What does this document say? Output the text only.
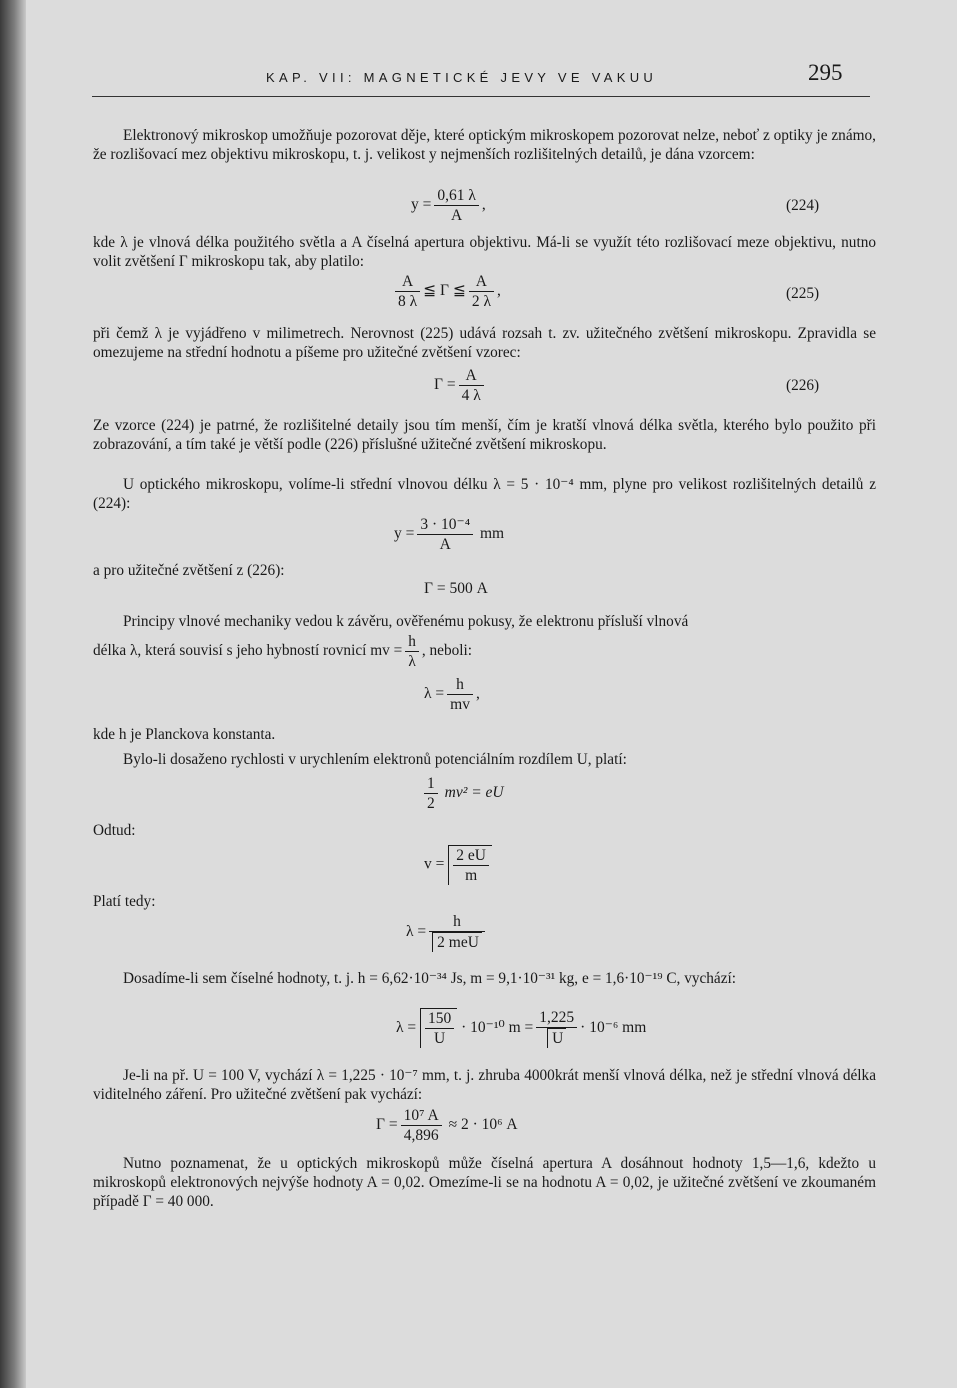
KAP. VII: MAGNETICKÉ JEVY VE VAKUU	295

Elektronový mikroskop umožňuje pozorovat děje, které optickým mikroskopem pozorovat nelze, neboť z optiky je známo, že rozlišovací mez objektivu mikroskopu, t. j. velikost y nejmenších rozlišitelných detailů, je dána vzorcem:

$y = \frac{0,61 \lambda}{A}$ ,	(224)

kde λ je vlnová délka použitého světla a A číselná apertura objektivu. Má-li se využít této rozlišovací meze objektivu, nutno volit zvětšení Γ mikroskopu tak, aby platilo:

$\frac{A}{8 \lambda}$ ≦ Γ ≦ $\frac{A}{2 \lambda}$ ,	(225)

při čemž λ je vyjádřeno v milimetrech. Nerovnost (225) udává rozsah t. zv. užitečného zvětšení mikroskopu. Zpravidla se omezujeme na střední hodnotu a píšeme pro užitečné zvětšení vzorec:

$\Gamma = \frac{A}{4 \lambda}$	(226)

Ze vzorce (224) je patrné, že rozlišitelné detaily jsou tím menší, čím je kratší vlnová délka světla, kterého bylo použito při zobrazování, a tím také je větší podle (226) příslušné užitečné zvětšení mikroskopu.

U optického mikroskopu, volíme-li střední vlnovou délku λ = 5 · 10⁻⁴ mm, plyne pro velikost rozlišitelných detailů z (224):

$y = \frac{\text{3 · 10⁻⁴}}{A}$ mm
a pro užitečné zvětšení z (226):
Γ = 500 A

Principy vlnové mechaniky vedou k závěru, ověřenému pokusy, že elektronu přísluší vlnová

délka λ, která souvisí s jeho hybností rovnicí mv = $\frac{h}{\lambda}$ , neboli:
$\lambda = \frac{h}{mv}$ ,
kde h je Planckova konstanta.

Bylo-li dosaženo rychlosti v urychlením elektronů potenciálním rozdílem U, platí:

$\frac{1}{2} mv^2$ = eU
Odtud:
$v = \frac{2 eU}{m}$
Platí tedy:
λ =
h
2 meU

Dosadíme-li sem číselné hodnoty, t. j. h = 6,62·10⁻³⁴ Js, m = 9,1·10⁻³¹ kg, e = 1,6·10⁻¹⁹ C, vychází:

$\lambda = \frac{150}{U} \cdot 10^{-10}$ $m = \frac{1,225}{U} \cdot 10^{-6}$ mm

Je-li na př. U = 100 V, vychází λ = 1,225 · 10⁻⁷ mm, t. j. zhruba 4000krát menší vlnová délka, než je střední vlnová délka viditelného záření. Pro užitečné zvětšení pak vychází:

$\Gamma = \frac{\text{10⁷ A}}{4,896} \approx 2 \cdot 10^6$ A

Nutno poznamenat, že u optických mikroskopů může číselná apertura A dosáhnout hodnoty 1,5—1,6, kdežto u mikroskopů elektronových nejvýše hodnoty A = 0,02. Omezíme-li se na hodnotu A = 0,02, je užitečné zvětšení ve zkoumaném případě Γ = 40 000.
